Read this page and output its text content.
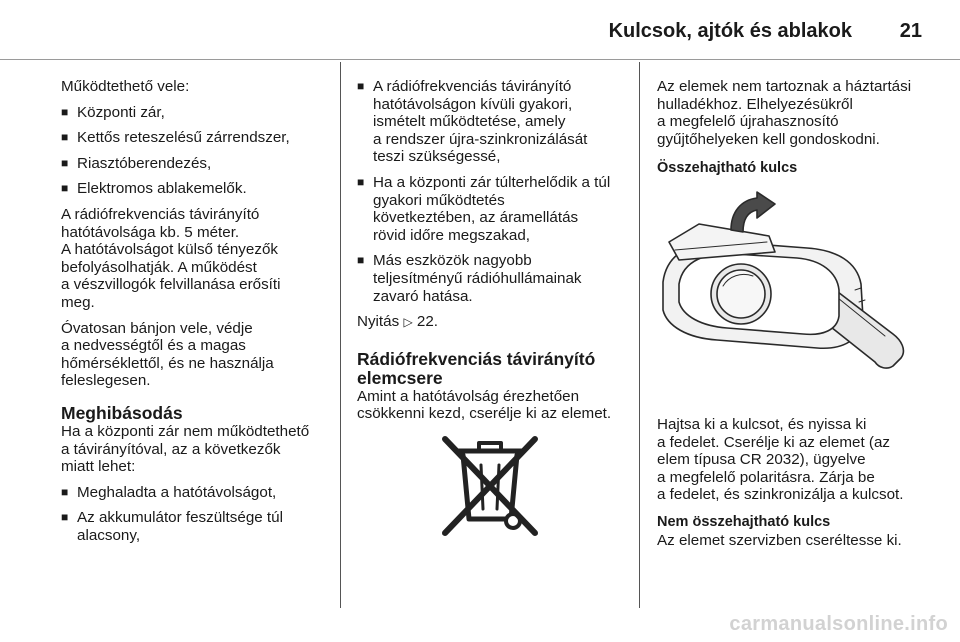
Kulcsok, ajtók és ablakok 21

Működtethető vele:

■ Központi zár,
■ Kettős reteszelésű zárrendszer,
■ Riasztóberendezés,
■ Elektromos ablakemelők.

A rádiófrekvenciás távirányító
hatótávolsága kb. 5 méter.
A hatótávolságot külső tényezők
befolyásolhatják. A működést
a vészvillogók felvillanása erősíti
meg.

Óvatosan bánjon vele, védje
a nedvességtől és a magas
hőmérséklettől, és ne használja
feleslegesen.

Meghibásodás

Ha a központi zár nem működtethető
a távirányítóval, az a következők
miatt lehet:

■ Meghaladta a hatótávolságot,
■ Az akkumulátor feszültsége túl
alacsony,
■ A rádiófrekvenciás távirányító
hatótávolságon kívüli gyakori,
ismételt működtetése, amely
a rendszer újra-szinkronizálását
teszi szükségessé,
■ Ha a központi zár túlterhelődik a túl
gyakori működtetés
következtében, az áramellátás
rövid időre megszakad,
■ Más eszközök nagyobb
teljesítményű rádióhullámainak
zavaró hatása.

Nyitás ▷ 22.

Rádiófrekvenciás távirányító
elemcsere

Amint a hatótávolság érezhetően
csökkenni kezd, cserélje ki az elemet.

Az elemek nem tartoznak a háztartási
hulladékhoz. Elhelyezésükről
a megfelelő újrahasznosító
gyűjtőhelyeken kell gondoskodni.

Összehajtható kulcs

Hajtsa ki a kulcsot, és nyissa ki
a fedelet. Cserélje ki az elemet (az
elem típusa CR 2032), ügyelve
a megfelelő polaritásra. Zárja be
a fedelet, és szinkronizálja a kulcsot.

Nem összehajtható kulcs

Az elemet szervizben cseréltesse ki.

carmanualsonline.info
